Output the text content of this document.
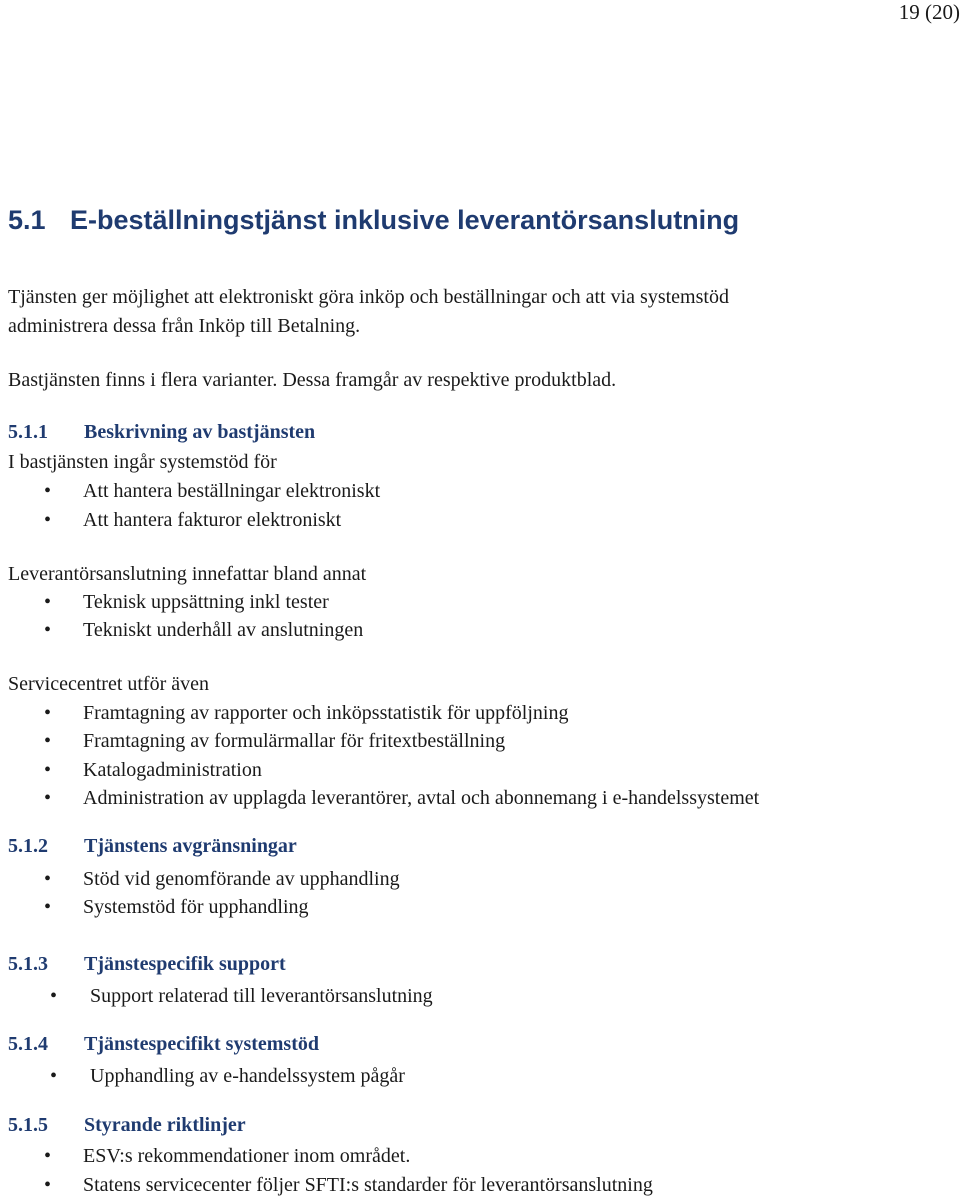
19 (20)
5.1 E-beställningstjänst inklusive leverantörsanslutning
Tjänsten ger möjlighet att elektroniskt göra inköp och beställningar och att via systemstöd
administrera dessa från Inköp till Betalning.
Bastjänsten finns i flera varianter. Dessa framgår av respektive produktblad.
5.1.1 Beskrivning av bastjänsten
I bastjänsten ingår systemstöd för
• Att hantera beställningar elektroniskt
• Att hantera fakturor elektroniskt
Leverantörsanslutning innefattar bland annat
• Teknisk uppsättning inkl tester
• Tekniskt underhåll av anslutningen
Servicecentret utför även
• Framtagning av rapporter och inköpsstatistik för uppföljning
• Framtagning av formulärmallar för fritextbeställning
• Katalogadministration
• Administration av upplagda leverantörer, avtal och abonnemang i e-handelssystemet
5.1.2 Tjänstens avgränsningar
• Stöd vid genomförande av upphandling
• Systemstöd för upphandling
5.1.3 Tjänstespecifik support
• Support relaterad till leverantörsanslutning
5.1.4 Tjänstespecifikt systemstöd
• Upphandling av e-handelssystem pågår
5.1.5 Styrande riktlinjer
• ESV:s rekommendationer inom området.
• Statens servicecenter följer SFTI:s standarder för leverantörsanslutning
